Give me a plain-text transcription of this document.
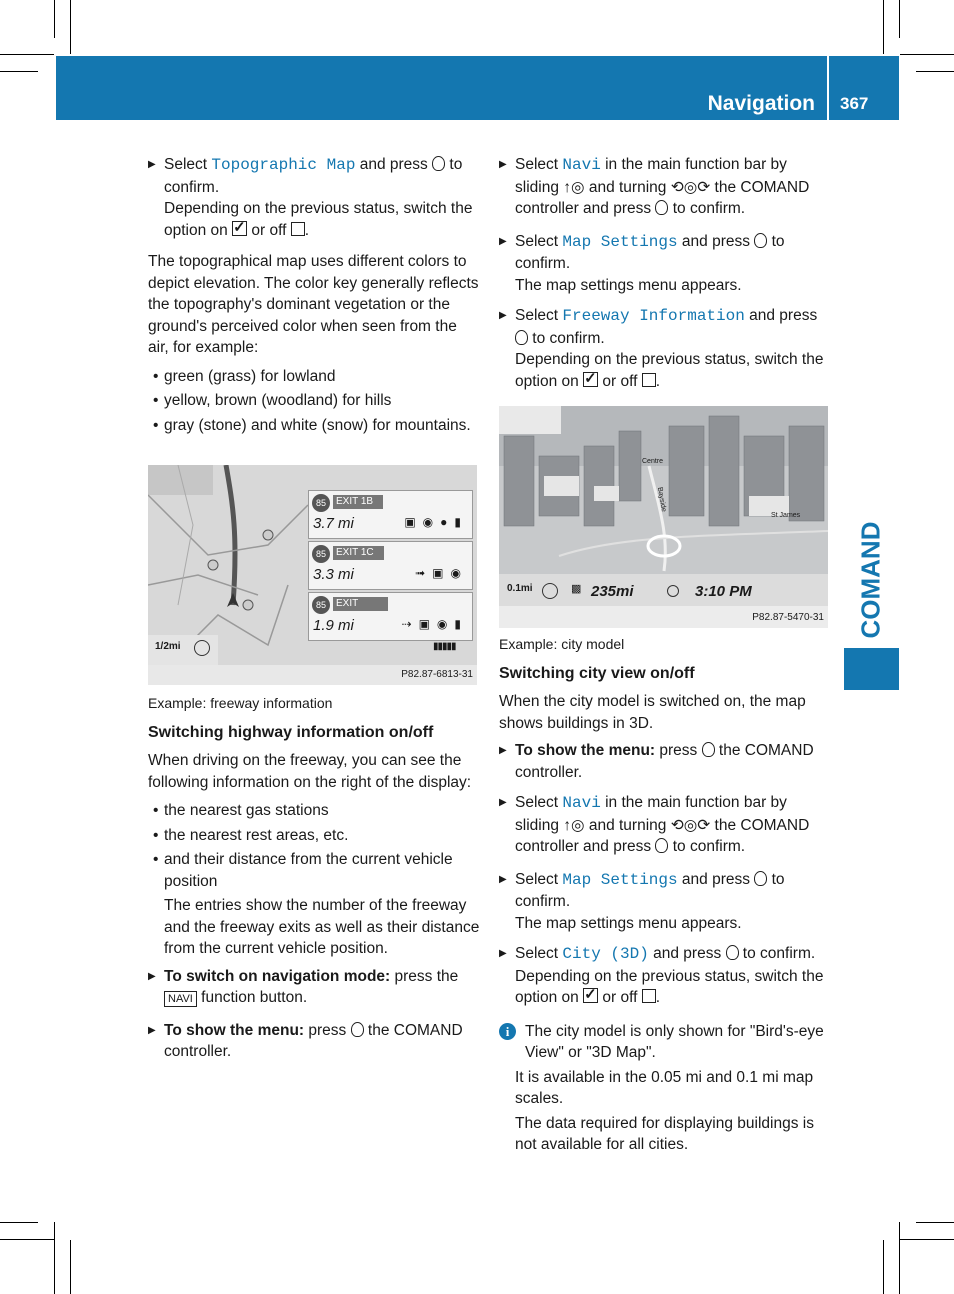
Navigation 367
COMAND

▶ Select Topographic Map and press  to confirm.
Depending on the previous status, switch the option on ✓ or off .

The topographical map uses different colors to depict elevation. The color key generally reflects the topography's dominant vegetation or the ground's perceived color when seen from the air, for example:

• green (grass) for lowland

• yellow, brown (woodland) for hills

• gray (stone) and white (snow) for mountains.

85	EXIT 1B
3.7 mi	▣◉●▮
85	EXIT 1C
3.3 mi	➟▣◉
85	EXIT
1.9 mi	⇢▣◉▮
1/2mi	▮▮▮▮▮
P82.87-6813-31

Example: freeway information

Switching highway information on/off

When driving on the freeway, you can see the following information on the right of the display:

• the nearest gas stations

• the nearest rest areas, etc.

• and their distance from the current vehicle position

The entries show the number of the freeway and the freeway exits as well as their distance from the current vehicle position.

▶ To switch on navigation mode: press the NAVI function button.

▶ To show the menu: press  the COMAND controller.

▶ Select Navi in the main function bar by sliding ↑◎ and turning ⟲◎⟳ the COMAND controller and press  to confirm.

▶ Select Map Settings and press  to confirm.
The map settings menu appears.

▶ Select Freeway Information and press  to confirm.
Depending on the previous status, switch the option on ✓ or off .

Centre
Bayside
St James
0.1mi	▩ 235mi	3:10 PM
P82.87-5470-31

Example: city model

Switching city view on/off

When the city model is switched on, the map shows buildings in 3D.

▶ To show the menu: press  the COMAND controller.

▶ Select Navi in the main function bar by sliding ↑◎ and turning ⟲◎⟳ the COMAND controller and press  to confirm.

▶ Select Map Settings and press  to confirm.
The map settings menu appears.

▶ Select City (3D) and press  to confirm.
Depending on the previous status, switch the option on ✓ or off .

i	The city model is only shown for "Bird's-eye View" or "3D Map".

It is available in the 0.05 mi and 0.1 mi map scales.

The data required for displaying buildings is not available for all cities.
